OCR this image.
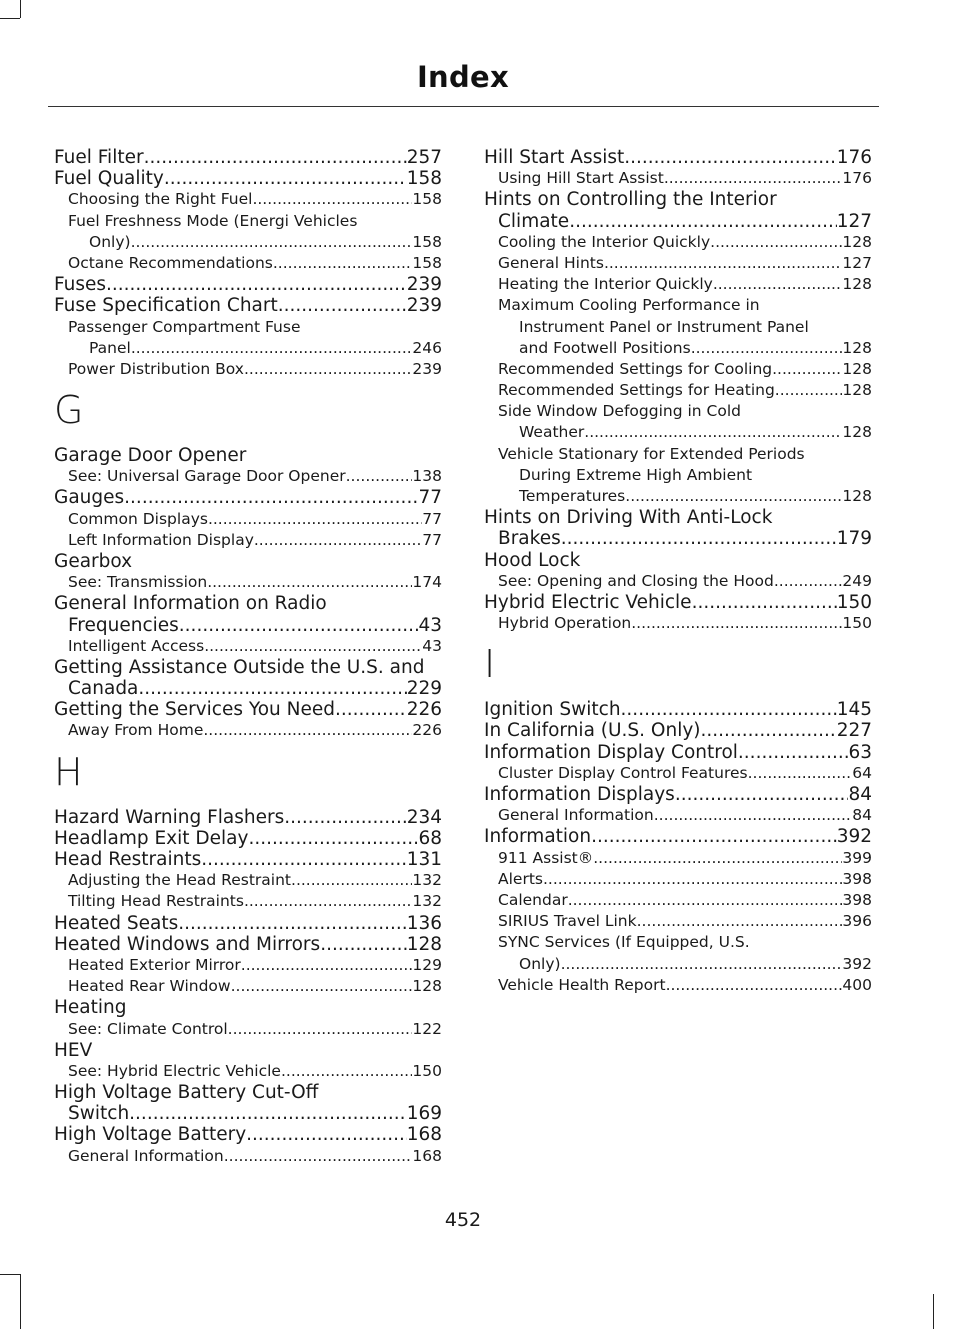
Index
Fuel Filter .....	257
Fuel Quality .....	158
Choosing the Right Fuel .....	158
Fuel Freshness Mode (Energi Vehicles
Only) .....	158
Octane Recommendations .....	158
Fuses .....	239
Fuse Specification Chart .....	239
Passenger Compartment Fuse
Panel .....	246
Power Distribution Box .....	239
G
Garage Door Opener
See: Universal Garage Door Opener .....	138
Gauges .....	77
Common Displays .....	77
Left Information Display .....	77
Gearbox
See: Transmission .....	174
General Information on Radio
Frequencies .....	43
Intelligent Access .....	43
Getting Assistance Outside the U.S. and
Canada .....	229
Getting the Services You Need .....	226
Away From Home .....	226
H
Hazard Warning Flashers .....	234
Headlamp Exit Delay .....	68
Head Restraints .....	131
Adjusting the Head Restraint .....	132
Tilting Head Restraints .....	132
Heated Seats .....	136
Heated Windows and Mirrors .....	128
Heated Exterior Mirror .....	129
Heated Rear Window .....	128
Heating
See: Climate Control .....	122
HEV
See: Hybrid Electric Vehicle .....	150
High Voltage Battery Cut-Off
Switch .....	169
High Voltage Battery .....	168
General Information .....	168
Hill Start Assist .....	176
Using Hill Start Assist .....	176
Hints on Controlling the Interior
Climate .....	127
Cooling the Interior Quickly .....	128
General Hints .....	127
Heating the Interior Quickly .....	128
Maximum Cooling Performance in
Instrument Panel or Instrument Panel
and Footwell Positions .....	128
Recommended Settings for Cooling .....	128
Recommended Settings for Heating .....	128
Side Window Defogging in Cold
Weather .....	128
Vehicle Stationary for Extended Periods
During Extreme High Ambient
Temperatures .....	128
Hints on Driving With Anti-Lock
Brakes .....	179
Hood Lock
See: Opening and Closing the Hood .....	249
Hybrid Electric Vehicle .....	150
Hybrid Operation .....	150
I
Ignition Switch .....	145
In California (U.S. Only) .....	227
Information Display Control .....	63
Cluster Display Control Features .....	64
Information Displays .....	84
General Information .....	84
Information .....	392
911 Assist® .....	399
Alerts .....	398
Calendar .....	398
SIRIUS Travel Link .....	396
SYNC Services (If Equipped, U.S.
Only) .....	392
Vehicle Health Report .....	400
452
